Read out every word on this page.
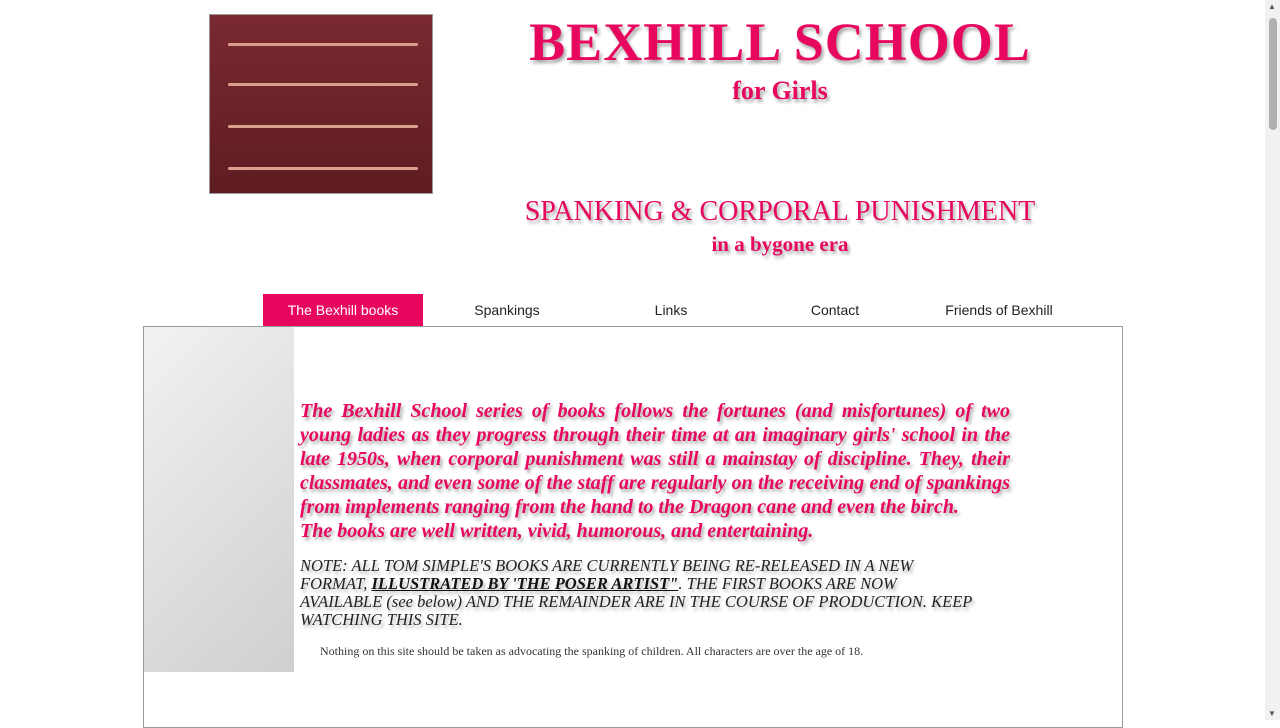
BEXHILL SCHOOL
for Girls
SPANKING & CORPORAL PUNISHMENT
in a bygone era
The Bexhill books	Spankings	Links	Contact	Friends of Bexhill
The Bexhill School series of books follows the fortunes (and misfortunes) of two young ladies as they progress through their time at an imaginary girls' school in the late 1950s, when corporal punishment was still a mainstay of discipline. They, their classmates, and even some of the staff are regularly on the receiving end of spankings from implements ranging from the hand to the Dragon cane and even the birch.
The books are well written, vivid, humorous, and entertaining.
NOTE: ALL TOM SIMPLE'S BOOKS ARE CURRENTLY BEING RE-RELEASED IN A NEW FORMAT, ILLUSTRATED BY 'THE POSER ARTIST". THE FIRST BOOKS ARE NOW AVAILABLE (see below) AND THE REMAINDER ARE IN THE COURSE OF PRODUCTION. KEEP WATCHING THIS SITE.
Nothing on this site should be taken as advocating the spanking of children. All characters are over the age of 18.
▲
▼
